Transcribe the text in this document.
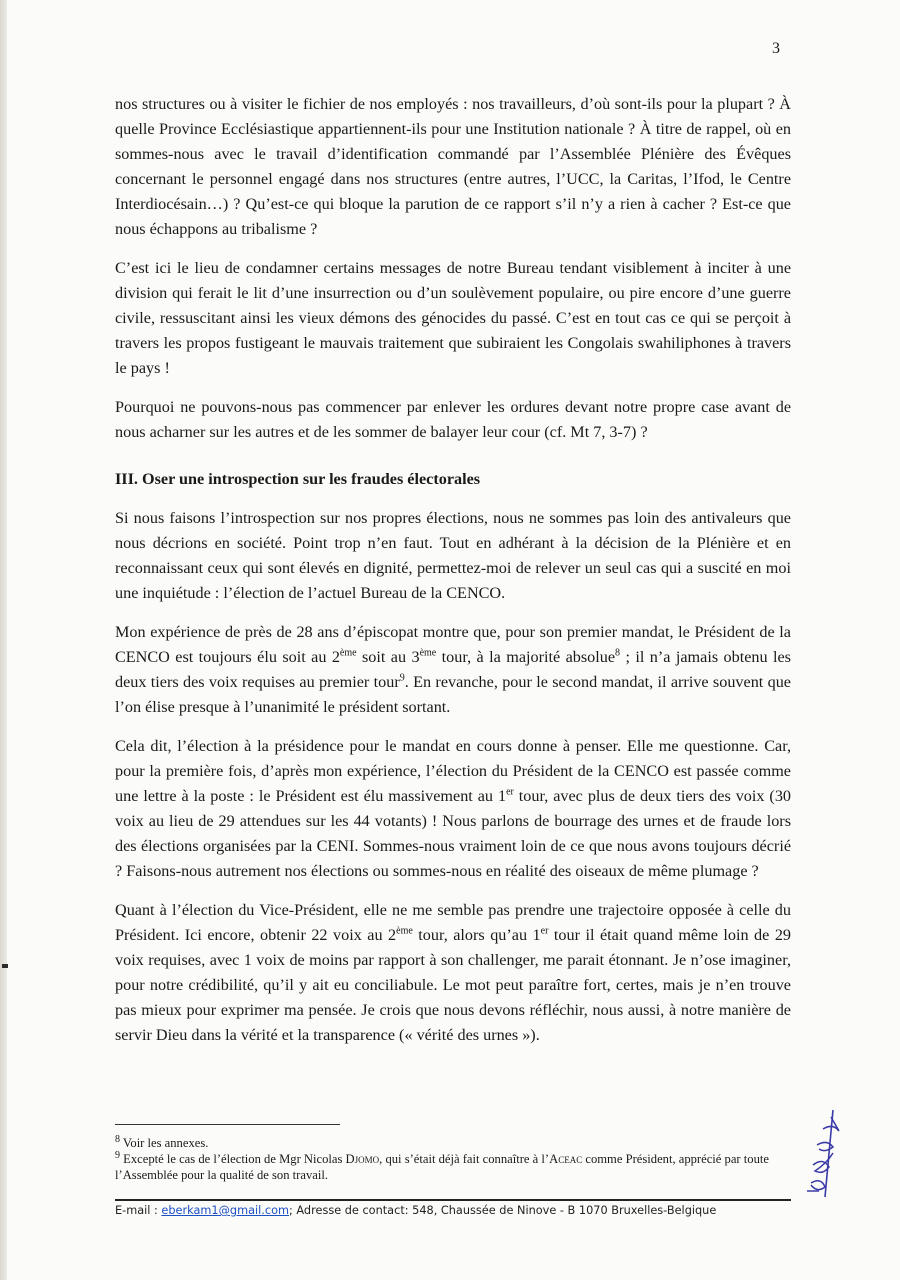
3

nos structures ou à visiter le fichier de nos employés : nos travailleurs, d’où sont-ils pour la plupart ? À quelle Province Ecclésiastique appartiennent-ils pour une Institution nationale ? À titre de rappel, où en sommes-nous avec le travail d’identification commandé par l’Assemblée Plénière des Évêques concernant le personnel engagé dans nos structures (entre autres, l’UCC, la Caritas, l’Ifod, le Centre Interdiocésain…) ? Qu’est-ce qui bloque la parution de ce rapport s’il n’y a rien à cacher ? Est-ce que nous échappons au tribalisme ?

C’est ici le lieu de condamner certains messages de notre Bureau tendant visiblement à inciter à une division qui ferait le lit d’une insurrection ou d’un soulèvement populaire, ou pire encore d’une guerre civile, ressuscitant ainsi les vieux démons des génocides du passé. C’est en tout cas ce qui se perçoit à travers les propos fustigeant le mauvais traitement que subiraient les Congolais swahiliphones à travers le pays !

Pourquoi ne pouvons-nous pas commencer par enlever les ordures devant notre propre case avant de nous acharner sur les autres et de les sommer de balayer leur cour (cf. Mt 7, 3-7) ?

III. Oser une introspection sur les fraudes électorales

Si nous faisons l’introspection sur nos propres élections, nous ne sommes pas loin des antivaleurs que nous décrions en société. Point trop n’en faut. Tout en adhérant à la décision de la Plénière et en reconnaissant ceux qui sont élevés en dignité, permettez-moi de relever un seul cas qui a suscité en moi une inquiétude : l’élection de l’actuel Bureau de la CENCO.

Mon expérience de près de 28 ans d’épiscopat montre que, pour son premier mandat, le Président de la CENCO est toujours élu soit au 2ème soit au 3ème tour, à la majorité absolue$^8$ ; il n’a jamais obtenu les deux tiers des voix requises au premier tour$^9$. En revanche, pour le second mandat, il arrive souvent que l’on élise presque à l’unanimité le président sortant.

Cela dit, l’élection à la présidence pour le mandat en cours donne à penser. Elle me questionne. Car, pour la première fois, d’après mon expérience, l’élection du Président de la CENCO est passée comme une lettre à la poste : le Président est élu massivement au 1er tour, avec plus de deux tiers des voix (30 voix au lieu de 29 attendues sur les 44 votants) ! Nous parlons de bourrage des urnes et de fraude lors des élections organisées par la CENI. Sommes-nous vraiment loin de ce que nous avons toujours décrié ? Faisons-nous autrement nos élections ou sommes-nous en réalité des oiseaux de même plumage ?

Quant à l’élection du Vice-Président, elle ne me semble pas prendre une trajectoire opposée à celle du Président. Ici encore, obtenir 22 voix au 2ème tour, alors qu’au 1er tour il était quand même loin de 29 voix requises, avec 1 voix de moins par rapport à son challenger, me parait étonnant. Je n’ose imaginer, pour notre crédibilité, qu’il y ait eu conciliabule. Le mot peut paraître fort, certes, mais je n’en trouve pas mieux pour exprimer ma pensée. Je crois que nous devons réfléchir, nous aussi, à notre manière de servir Dieu dans la vérité et la transparence (« vérité des urnes »).

$^8$ Voir les annexes.
$^9$ Excepté le cas de l’élection de Mgr Nicolas Djomo, qui s’était déjà fait connaître à l’Aceac comme Président, apprécié par toute l’Assemblée pour la qualité de son travail.
E-mail : eberkam1@gmail.com; Adresse de contact: 548, Chaussée de Ninove - B 1070 Bruxelles-Belgique
